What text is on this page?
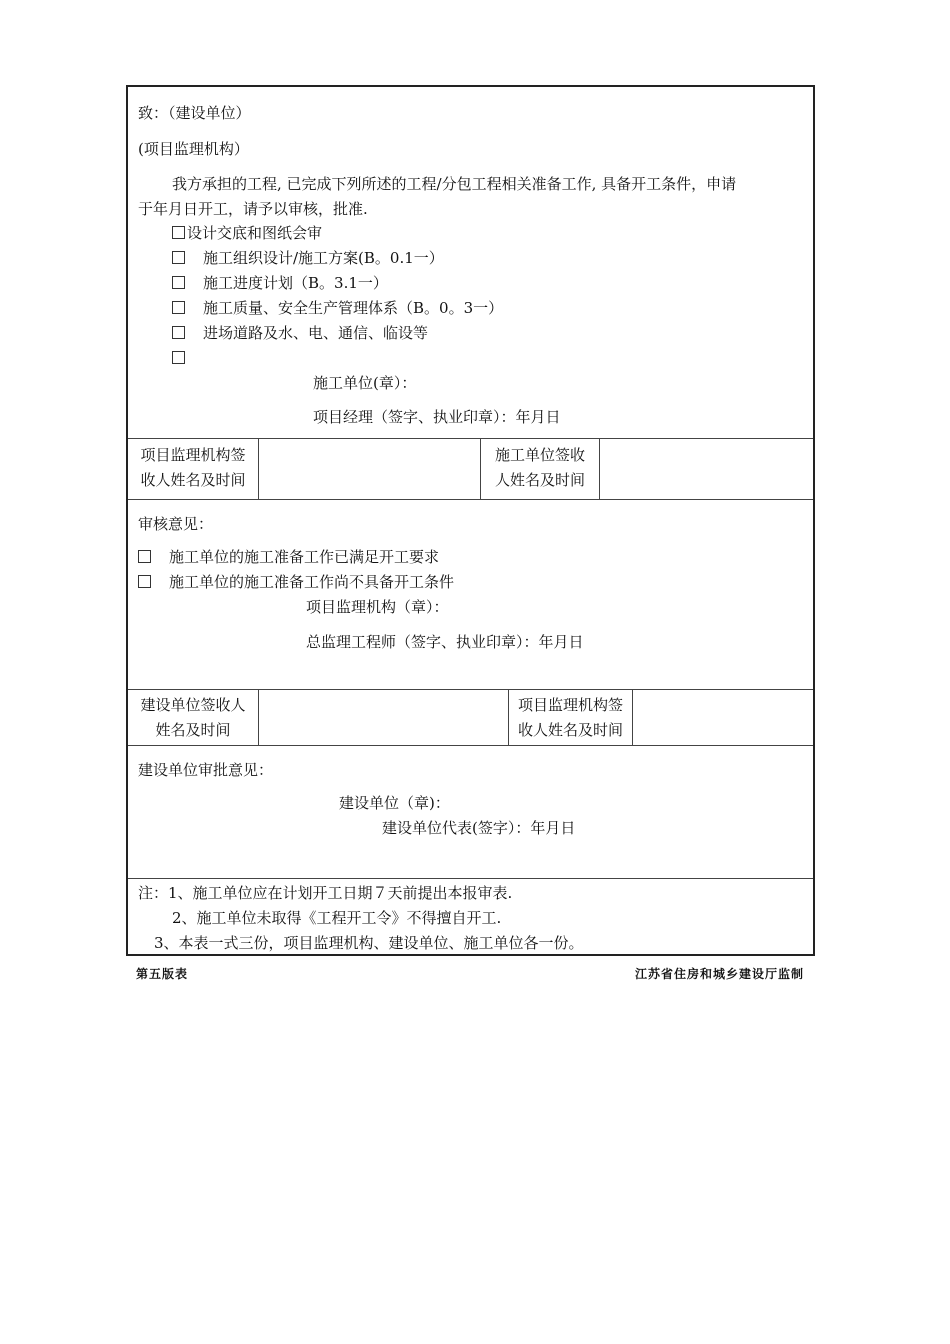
致：（建设单位）
(项目监理机构）
我方承担的工程, 已完成下列所述的工程/分包工程相关准备工作, 具备开工条件，申请
于年月日开工，请予以审核，批准.
设计交底和图纸会审
施工组织设计/施工方案(B。0.1一）
施工进度计划（B。3.1一）
施工质量、安全生产管理体系（B。0。3一）
进场道路及水、电、通信、临设等
施工单位(章）：
项目经理（签字、执业印章）：年月日
项目监理机构签
收人姓名及时间
施工单位签收
人姓名及时间
审核意见：
施工单位的施工准备工作已满足开工要求
施工单位的施工准备工作尚不具备开工条件
项目监理机构（章）：
总监理工程师（签字、执业印章）：年月日
建设单位签收人
姓名及时间
项目监理机构签
收人姓名及时间
建设单位审批意见：
建设单位（章)：
建设单位代表(签字）：年月日
注：1、施工单位应在计划开工日期７天前提出本报审表.
2、施工单位未取得《工程开工令》不得擅自开工.
3、本表一式三份，项目监理机构、建设单位、施工单位各一份。
第五版表	江苏省住房和城乡建设厅监制
